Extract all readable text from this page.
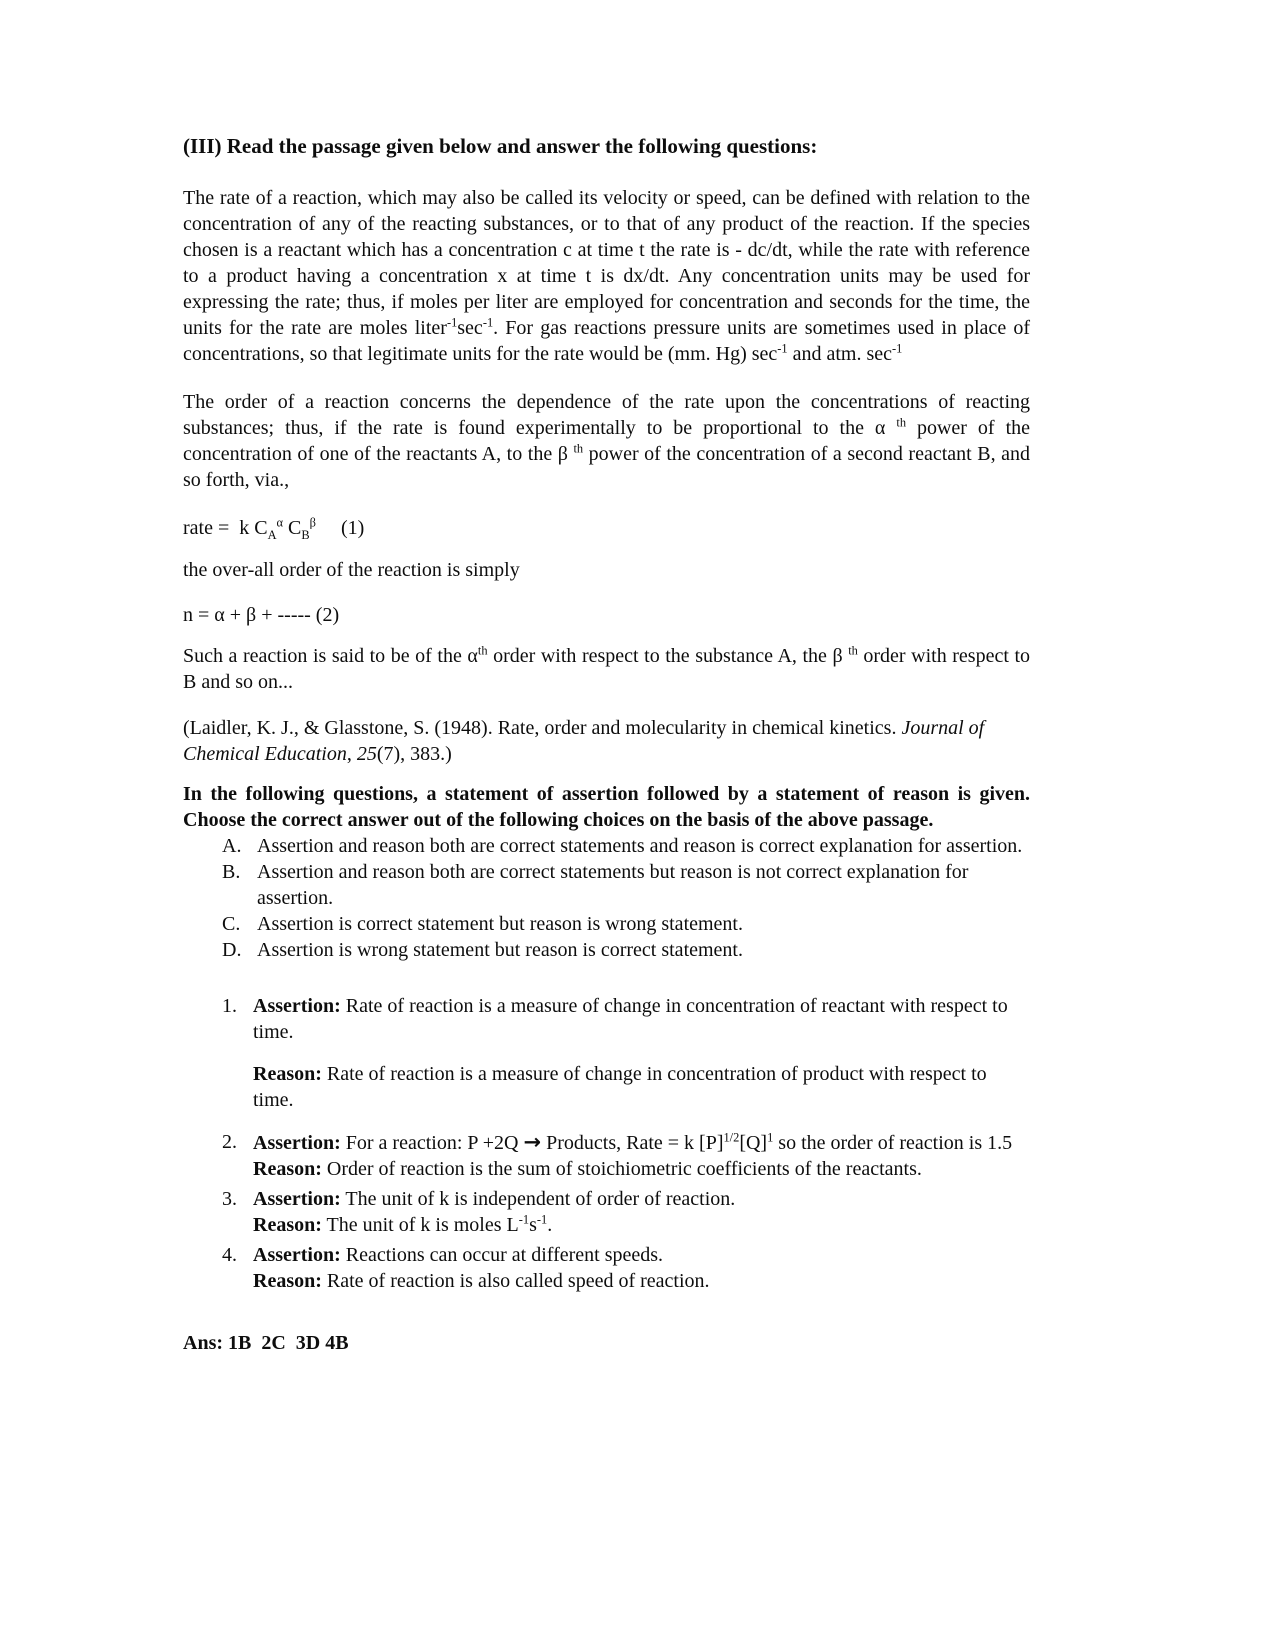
(III) Read the passage given below and answer the following questions:

The rate of a reaction, which may also be called its velocity or speed, can be defined with relation to the concentration of any of the reacting substances, or to that of any product of the reaction. If the species chosen is a reactant which has a concentration c at time t the rate is - dc/dt, while the rate with reference to a product having a concentration x at time t is dx/dt. Any concentration units may be used for expressing the rate; thus, if moles per liter are employed for concentration and seconds for the time, the units for the rate are moles $liter^{-1}\sec^{-1}$. For gas reactions pressure units are sometimes used in place of concentrations, so that legitimate units for the rate would be (mm. Hg) $\sec^{-1}$ and atm. $\sec^{-1}$

The order of a reaction concerns the dependence of the rate upon the concentrations of reacting substances; thus, if the rate is found experimentally to be proportional to the α $^{th}$ power of the concentration of one of the reactants A, to the β $^{th}$ power of the concentration of a second reactant B, and so forth, via.,

rate =  k $C_A^\alpha$ $C_B^\beta$     (1)

the over-all order of the reaction is simply

n = α + β + ----- (2)

Such a reaction is said to be of the $\alpha^{th}$ order with respect to the substance A, the β $^{th}$ order with respect to B and so on...

(Laidler, K. J., & Glasstone, S. (1948). Rate, order and molecularity in chemical kinetics. Journal of Chemical Education, 25(7), 383.)

In the following questions, a statement of assertion followed by a statement of reason is given. Choose the correct answer out of the following choices on the basis of the above passage.

A. Assertion and reason both are correct statements and reason is correct explanation for assertion.
B. Assertion and reason both are correct statements but reason is not correct explanation for assertion.
C. Assertion is correct statement but reason is wrong statement.
D. Assertion is wrong statement but reason is correct statement.
1. Assertion: Rate of reaction is a measure of change in concentration of reactant with respect to time.

Reason: Rate of reaction is a measure of change in concentration of product with respect to time.

2. Assertion: For a reaction: P +2Q → Products, Rate = k $[P]^{1/2}[Q]^1$ so the order of reaction is 1.5

Reason: Order of reaction is the sum of stoichiometric coefficients of the reactants.

3. Assertion: The unit of k is independent of order of reaction.

Reason: The unit of k is moles $L^{-1}s^{-1}$.

4. Assertion: Reactions can occur at different speeds.

Reason: Rate of reaction is also called speed of reaction.

Ans: 1B  2C  3D 4B
